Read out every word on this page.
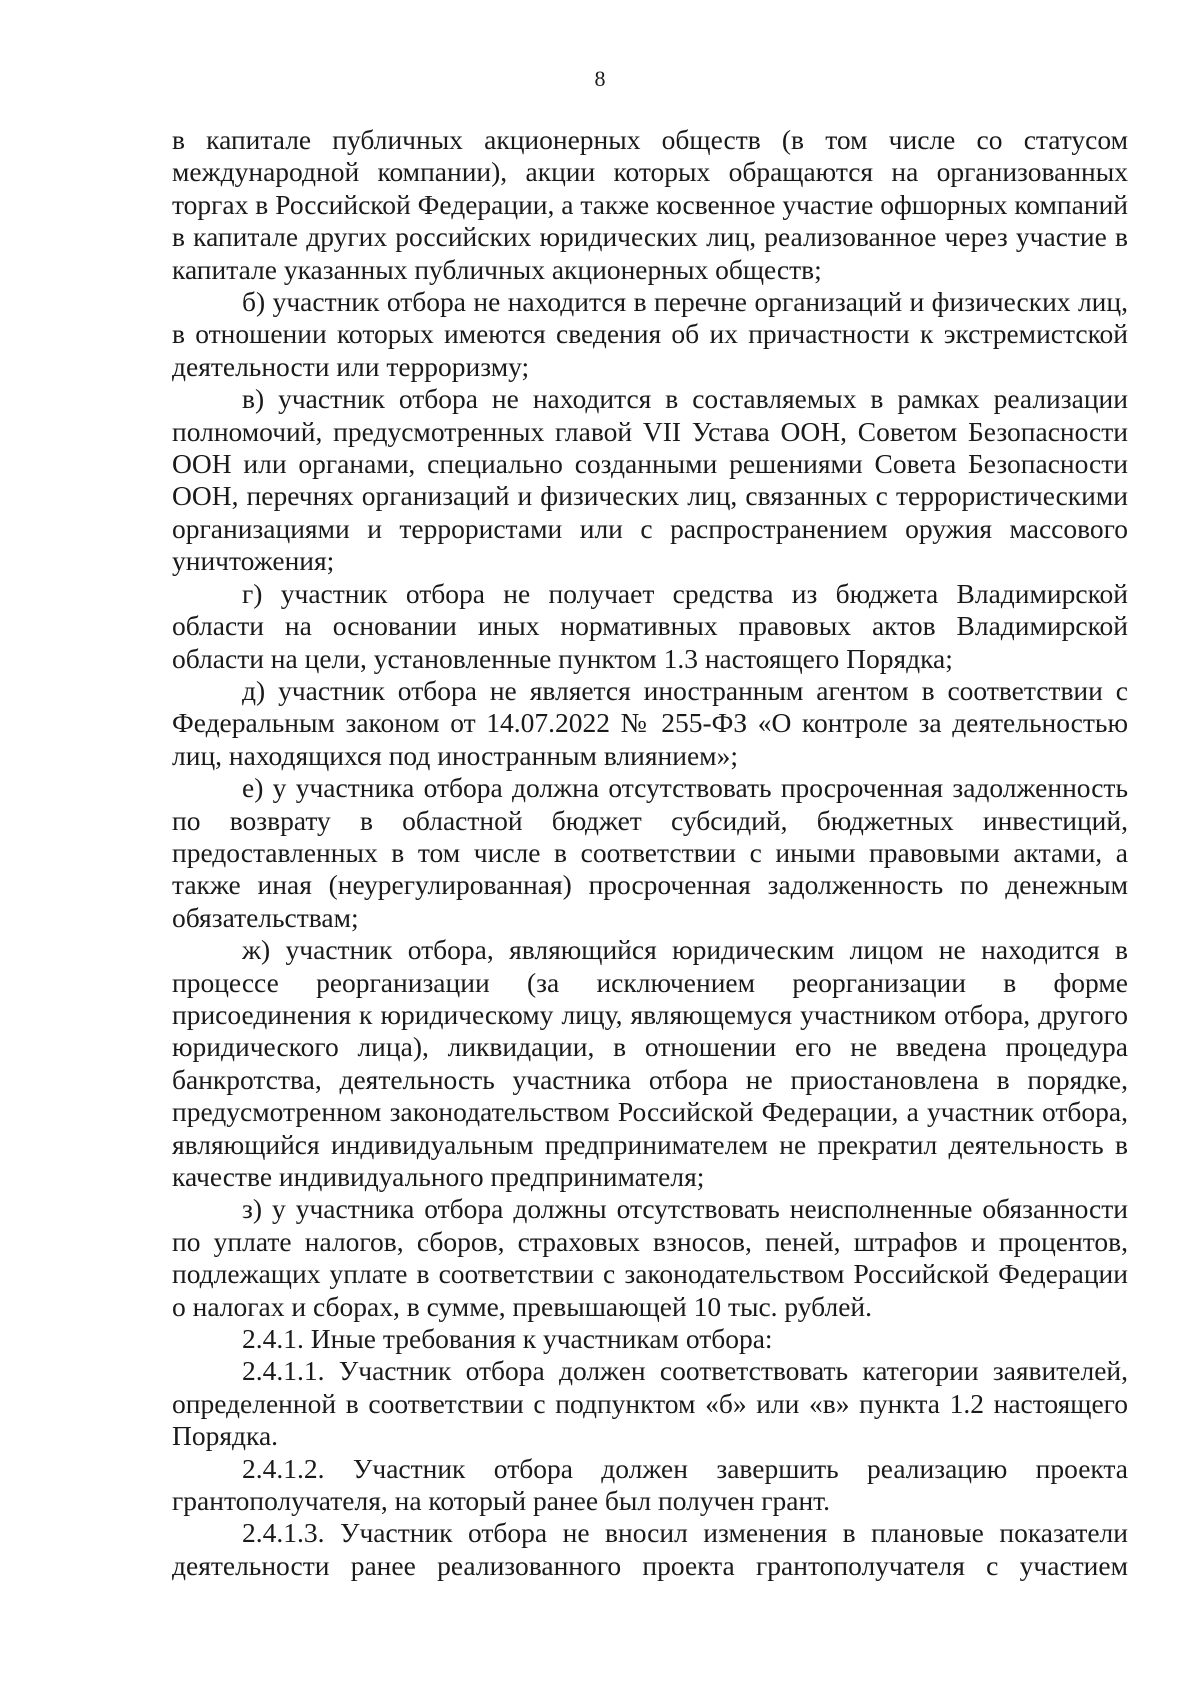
8

в капитале публичных акционерных обществ (в том числе со статусом международной компании), акции которых обращаются на организованных торгах в Российской Федерации, а также косвенное участие офшорных компаний в капитале других российских юридических лиц, реализованное через участие в капитале указанных публичных акционерных обществ;

б) участник отбора не находится в перечне организаций и физических лиц, в отношении которых имеются сведения об их причастности к экстремистской деятельности или терроризму;

в) участник отбора не находится в составляемых в рамках реализации полномочий, предусмотренных главой VII Устава ООН, Советом Безопасности ООН или органами, специально созданными решениями Совета Безопасности ООН, перечнях организаций и физических лиц, связанных с террористическими организациями и террористами или с распространением оружия массового уничтожения;

г) участник отбора не получает средства из бюджета Владимирской области на основании иных нормативных правовых актов Владимирской области на цели, установленные пунктом 1.3 настоящего Порядка;

д) участник отбора не является иностранным агентом в соответствии с Федеральным законом от 14.07.2022 № 255-ФЗ «О контроле за деятельностью лиц, находящихся под иностранным влиянием»;

е) у участника отбора должна отсутствовать просроченная задолженность по возврату в областной бюджет субсидий, бюджетных инвестиций, предоставленных в том числе в соответствии с иными правовыми актами, а также иная (неурегулированная) просроченная задолженность по денежным обязательствам;

ж) участник отбора, являющийся юридическим лицом не находится в процессе реорганизации (за исключением реорганизации в форме присоединения к юридическому лицу, являющемуся участником отбора, другого юридического лица), ликвидации, в отношении его не введена процедура банкротства, деятельность участника отбора не приостановлена в порядке, предусмотренном законодательством Российской Федерации, а участник отбора, являющийся индивидуальным предпринимателем не прекратил деятельность в качестве индивидуального предпринимателя;

з) у участника отбора должны отсутствовать неисполненные обязанности по уплате налогов, сборов, страховых взносов, пеней, штрафов и процентов, подлежащих уплате в соответствии с законодательством Российской Федерации о налогах и сборах, в сумме, превышающей 10 тыс. рублей.

2.4.1. Иные требования к участникам отбора:

2.4.1.1. Участник отбора должен соответствовать категории заявителей, определенной в соответствии с подпунктом «б» или «в» пункта 1.2 настоящего Порядка.

2.4.1.2. Участник отбора должен завершить реализацию проекта грантополучателя, на который ранее был получен грант.

2.4.1.3. Участник отбора не вносил изменения в плановые показатели деятельности ранее реализованного проекта грантополучателя с участием
